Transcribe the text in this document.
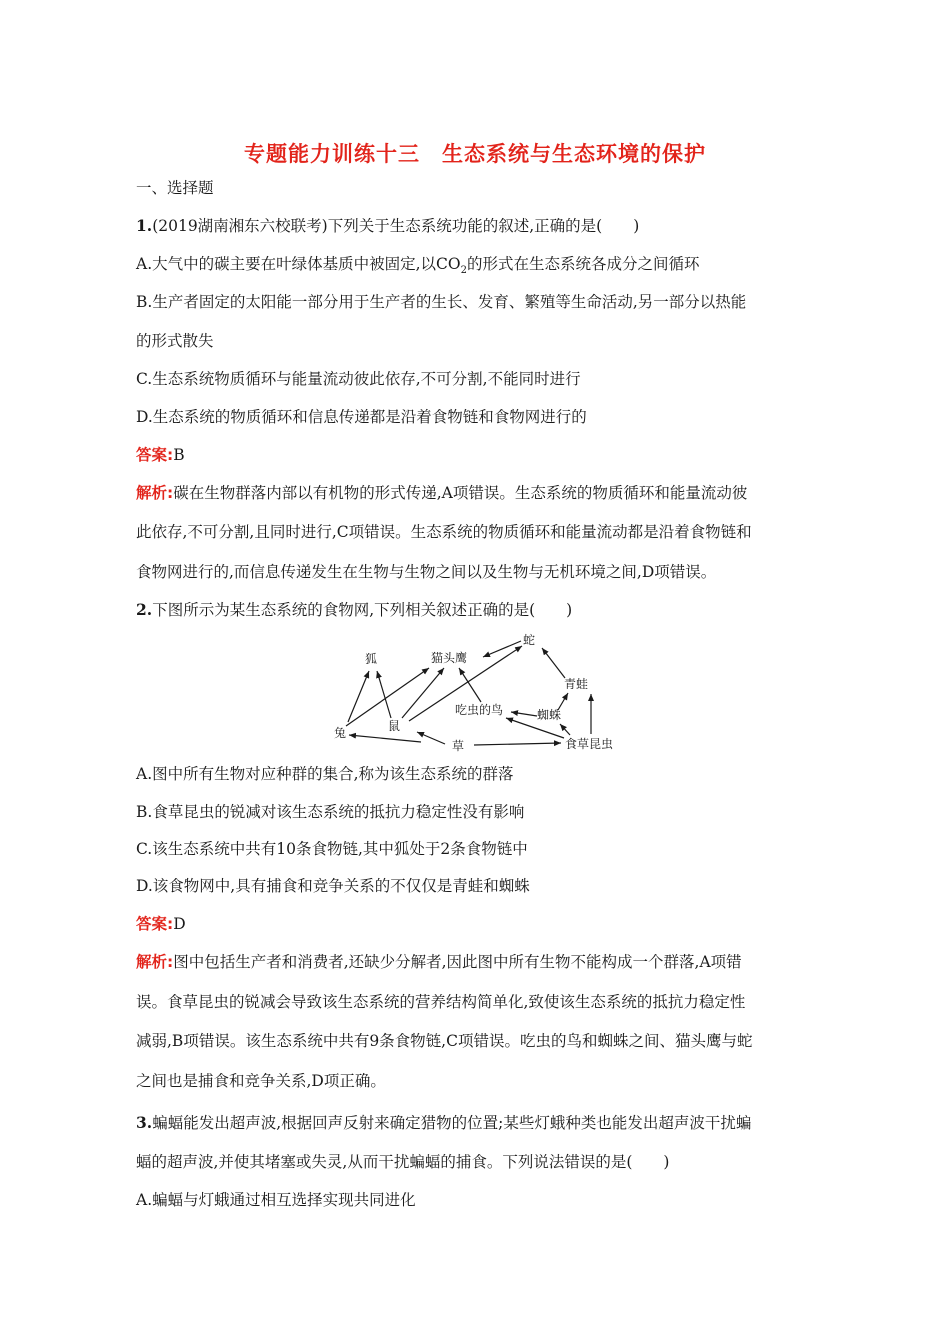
专题能力训练十三　生态系统与生态环境的保护
一、选择题
1.(2019湖南湘东六校联考)下列关于生态系统功能的叙述,正确的是(　　)
A.大气中的碳主要在叶绿体基质中被固定,以$CO_2$的形式在生态系统各成分之间循环
B.生产者固定的太阳能一部分用于生产者的生长、发育、繁殖等生命活动,另一部分以热能
的形式散失
C.生态系统物质循环与能量流动彼此依存,不可分割,不能同时进行
D.生态系统的物质循环和信息传递都是沿着食物链和食物网进行的
答案:B
解析:碳在生物群落内部以有机物的形式传递,A项错误。生态系统的物质循环和能量流动彼
此依存,不可分割,且同时进行,C项错误。生态系统的物质循环和能量流动都是沿着食物链和
食物网进行的,而信息传递发生在生物与生物之间以及生物与无机环境之间,D项错误。
2.下图所示为某生态系统的食物网,下列相关叙述正确的是(　　)
狐	猫头鹰
蛇
青蛙
吃虫的鸟	蜘蛛
兔	鼠
草	食草昆虫
A.图中所有生物对应种群的集合,称为该生态系统的群落
B.食草昆虫的锐减对该生态系统的抵抗力稳定性没有影响
C.该生态系统中共有10条食物链,其中狐处于2条食物链中
D.该食物网中,具有捕食和竞争关系的不仅仅是青蛙和蜘蛛
答案:D
解析:图中包括生产者和消费者,还缺少分解者,因此图中所有生物不能构成一个群落,A项错
误。食草昆虫的锐减会导致该生态系统的营养结构简单化,致使该生态系统的抵抗力稳定性
减弱,B项错误。该生态系统中共有9条食物链,C项错误。吃虫的鸟和蜘蛛之间、猫头鹰与蛇
之间也是捕食和竞争关系,D项正确。
3.蝙蝠能发出超声波,根据回声反射来确定猎物的位置;某些灯蛾种类也能发出超声波干扰蝙
蝠的超声波,并使其堵塞或失灵,从而干扰蝙蝠的捕食。下列说法错误的是(　　)
A.蝙蝠与灯蛾通过相互选择实现共同进化
